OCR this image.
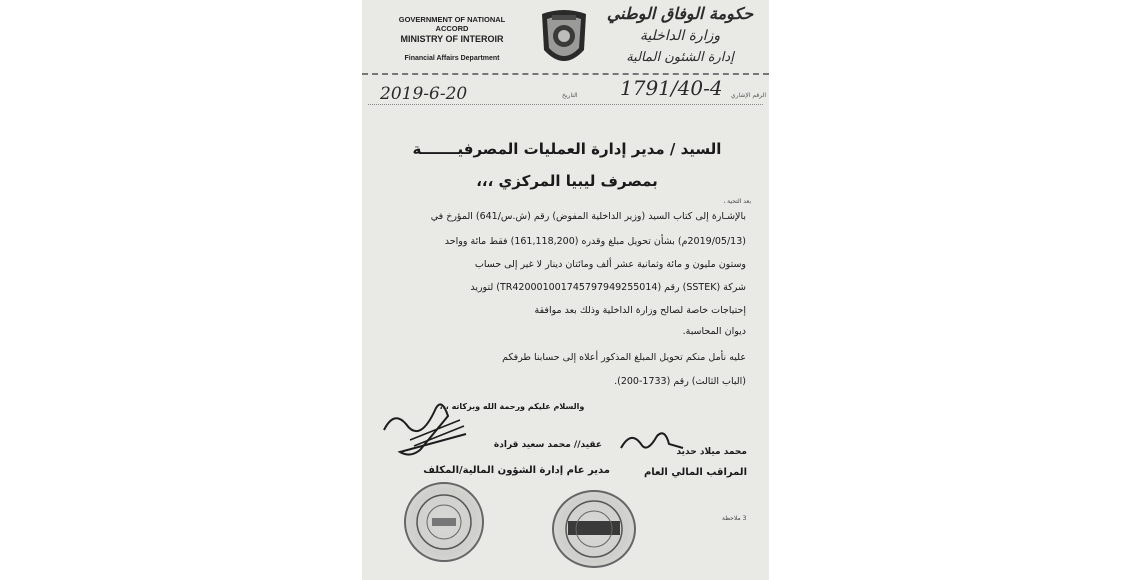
GOVERNMENT OF NATIONAL ACCORD
MINISTRY OF INTEROIR
Financial Affairs Department
حكومة الوفاق الوطني
وزارة الداخلية
إدارة الشئون المالية
2019-6-20	التاريخ 1791/40-4 الرقم الإشاري
السيد / مدير إدارة العمليات المصرفيـــــــة
بمصرف ليبيا المركزي ،،،
بعد التحية ،
بالإشـارة إلى كتاب السيد (وزير الداخلية المفوض) رقم (ش.س/641) المؤرخ في
(2019/05/13م) بشأن تحويل مبلغ وقدره (161,118,200) فقط مائة وواحد
وستون مليون و مائة وثمانية عشر ألف ومائتان دينار لا غير إلى حساب
شركة (SSTEK) رقم (TR420001001745797949255014) لتوريد
إحتياجات خاصة لصالح وزارة الداخلية وذلك بعد موافقة
ديوان المحاسبة.
عليه نأمل منكم تحويل المبلغ المذكور أعلاه إلى حسابنا طرفكم
(الباب الثالث) رقم (1733-200).
والسلام عليكم ورحمة الله وبركاته ،،،
عقيد// محمد سعيد قرادة
مدير عام إدارة الشؤون المالية/المكلف
محمد ميلاد حديد
المراقب المالي العام
3 ملاحظة
